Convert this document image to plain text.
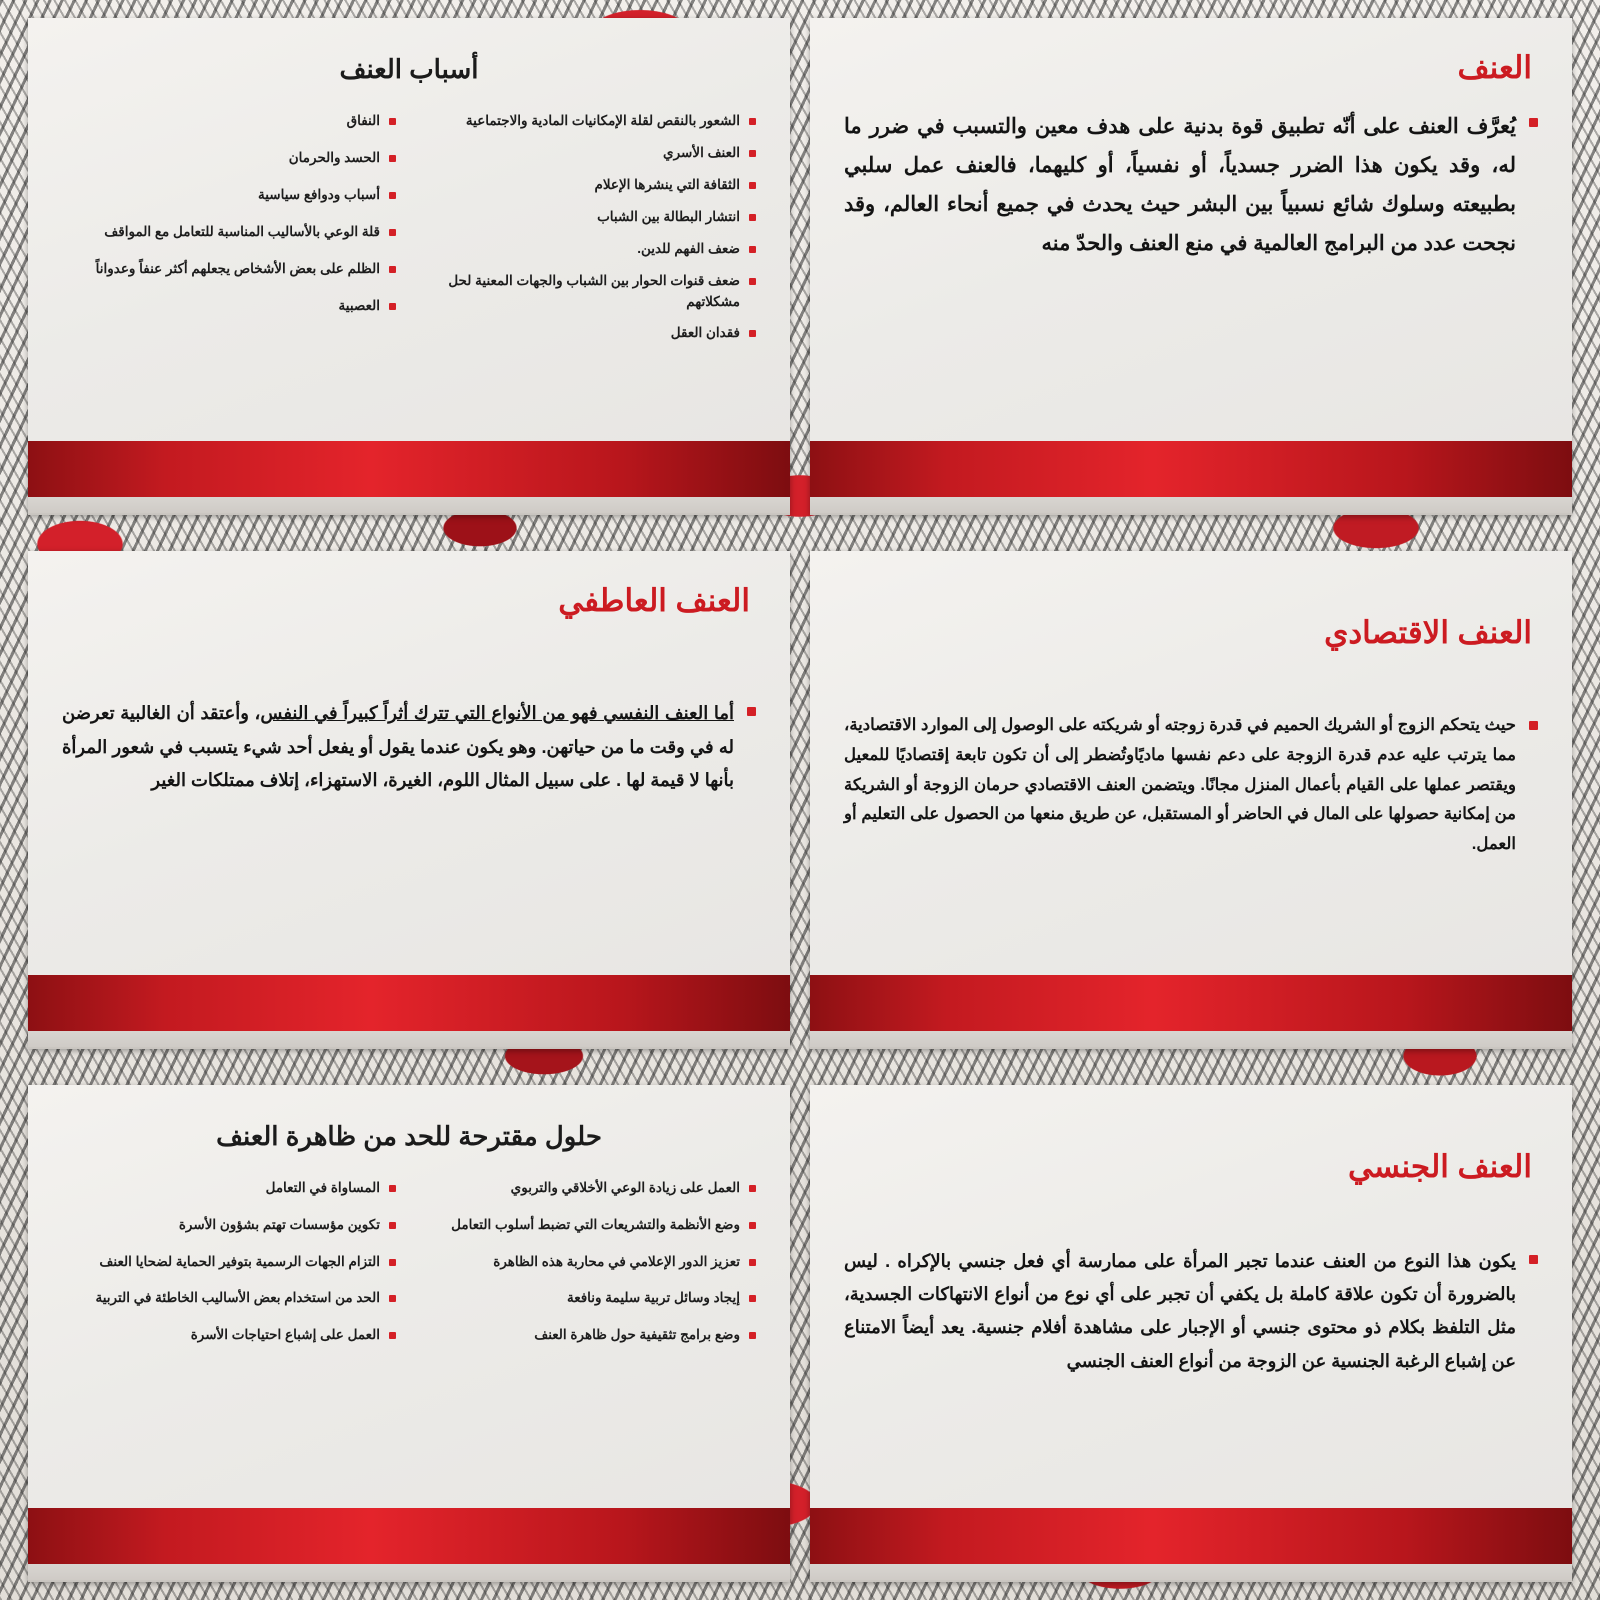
العنف
يُعرَّف العنف على أنّه تطبيق قوة بدنية على هدف معين والتسبب في ضرر ما له، وقد يكون هذا الضرر جسدياً، أو نفسياً، أو كليهما، فالعنف عمل سلبي بطبيعته وسلوك شائع نسبياً بين البشر حيث يحدث في جميع أنحاء العالم، وقد نجحت عدد من البرامج العالمية في منع العنف والحدّ منه
أسباب العنف
الشعور بالنقص لقلة الإمكانيات المادية والاجتماعية
العنف الأسري
الثقافة التي ينشرها الإعلام
انتشار البطالة بين الشباب
ضعف الفهم للدين.
ضعف قنوات الحوار بين الشباب والجهات المعنية لحل مشكلاتهم
فقدان العقل
النفاق
الحسد والحرمان
أسباب ودوافع سياسية
قلة الوعي بالأساليب المناسبة للتعامل مع المواقف
الظلم على بعض الأشخاص يجعلهم أكثر عنفاً وعدواناً
العصبية
العنف الاقتصادي
حيث يتحكم الزوج أو الشريك الحميم في قدرة زوجته أو شريكته على الوصول إلى الموارد الاقتصادية، مما يترتب عليه عدم قدرة الزوجة على دعم نفسها ماديًاوتُضطر إلى أن تكون تابعة إقتصاديًا للمعيل ويقتصر عملها على القيام بأعمال المنزل مجانًا. ويتضمن العنف الاقتصادي حرمان الزوجة أو الشريكة من إمكانية حصولها على المال في الحاضر أو المستقبل، عن طريق منعها من الحصول على التعليم أو العمل.
العنف العاطفي
أما العنف النفسي فهو من الأنواع التي تترك أثراً كبيراً في النفس، وأعتقد أن الغالبية تعرضن له في وقت ما من حياتهن. وهو يكون عندما يقول أو يفعل أحد شيء يتسبب في شعور المرأة بأنها لا قيمة لها . على سبيل المثال اللوم، الغيرة، الاستهزاء، إتلاف ممتلكات الغير
العنف الجنسي
يكون هذا النوع من العنف عندما تجبر المرأة على ممارسة أي فعل جنسي بالإكراه . ليس بالضرورة أن تكون علاقة كاملة بل يكفي أن تجبر على أي نوع من أنواع الانتهاكات الجسدية، مثل التلفظ بكلام ذو محتوى جنسي أو الإجبار على مشاهدة أفلام جنسية. يعد أيضاً الامتناع عن إشباع الرغبة الجنسية عن الزوجة من أنواع العنف الجنسي
حلول مقترحة للحد من ظاهرة العنف
العمل على زيادة الوعي الأخلاقي والتربوي
وضع الأنظمة والتشريعات التي تضبط أسلوب التعامل
تعزيز الدور الإعلامي في محاربة هذه الظاهرة
إيجاد وسائل تربية سليمة ونافعة
وضع برامج تثقيفية حول ظاهرة العنف
المساواة في التعامل
تكوين مؤسسات تهتم بشؤون الأسرة
التزام الجهات الرسمية بتوفير الحماية لضحايا العنف
الحد من استخدام بعض الأساليب الخاطئة في التربية
العمل على إشباع احتياجات الأسرة
